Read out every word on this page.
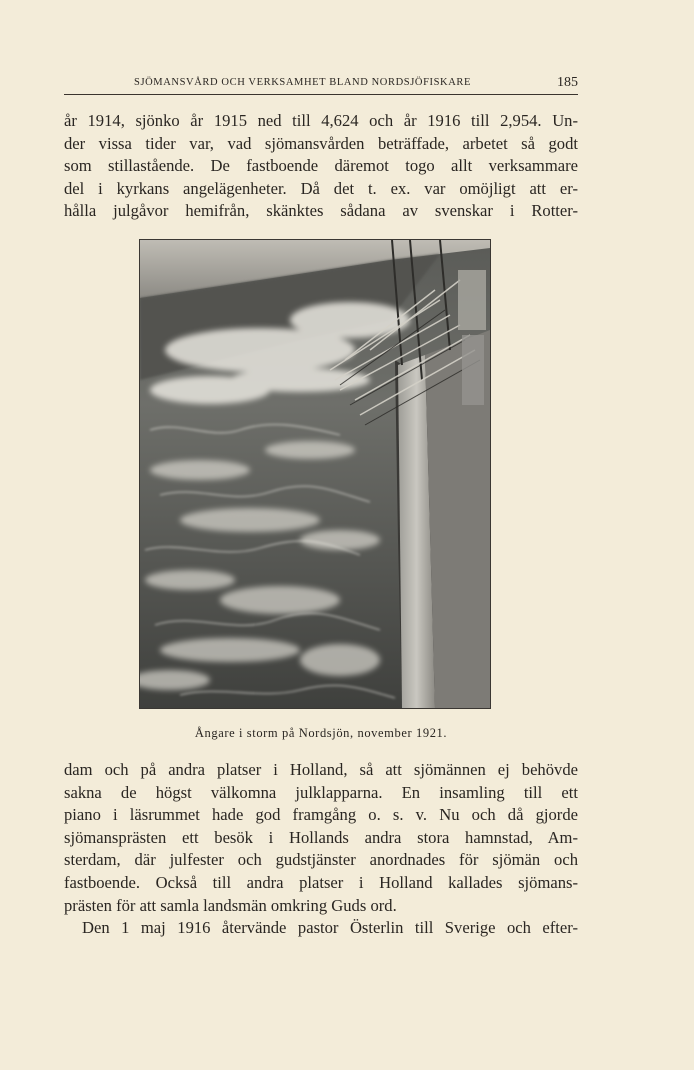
SJÖMANSVÅRD OCH VERKSAMHET BLAND NORDSJÖFISKARE	185
år 1914, sjönko år 1915 ned till 4,624 och år 1916 till 2,954. Un-
der vissa tider var, vad sjömansvården beträffade, arbetet så godt
som stillastående. De fastboende däremot togo allt verksammare
del i kyrkans angelägenheter. Då det t. ex. var omöjligt att er-
hålla julgåvor hemifrån, skänktes sådana av svenskar i Rotter-
Ångare i storm på Nordsjön, november 1921.
dam och på andra platser i Holland, så att sjömännen ej behövde
sakna de högst välkomna julklapparna. En insamling till ett
piano i läsrummet hade god framgång o. s. v. Nu och då gjorde
sjömansprästen ett besök i Hollands andra stora hamnstad, Am-
sterdam, där julfester och gudstjänster anordnades för sjömän och
fastboende. Också till andra platser i Holland kallades sjömans-
prästen för att samla landsmän omkring Guds ord.
Den 1 maj 1916 återvände pastor Österlin till Sverige och efter-
